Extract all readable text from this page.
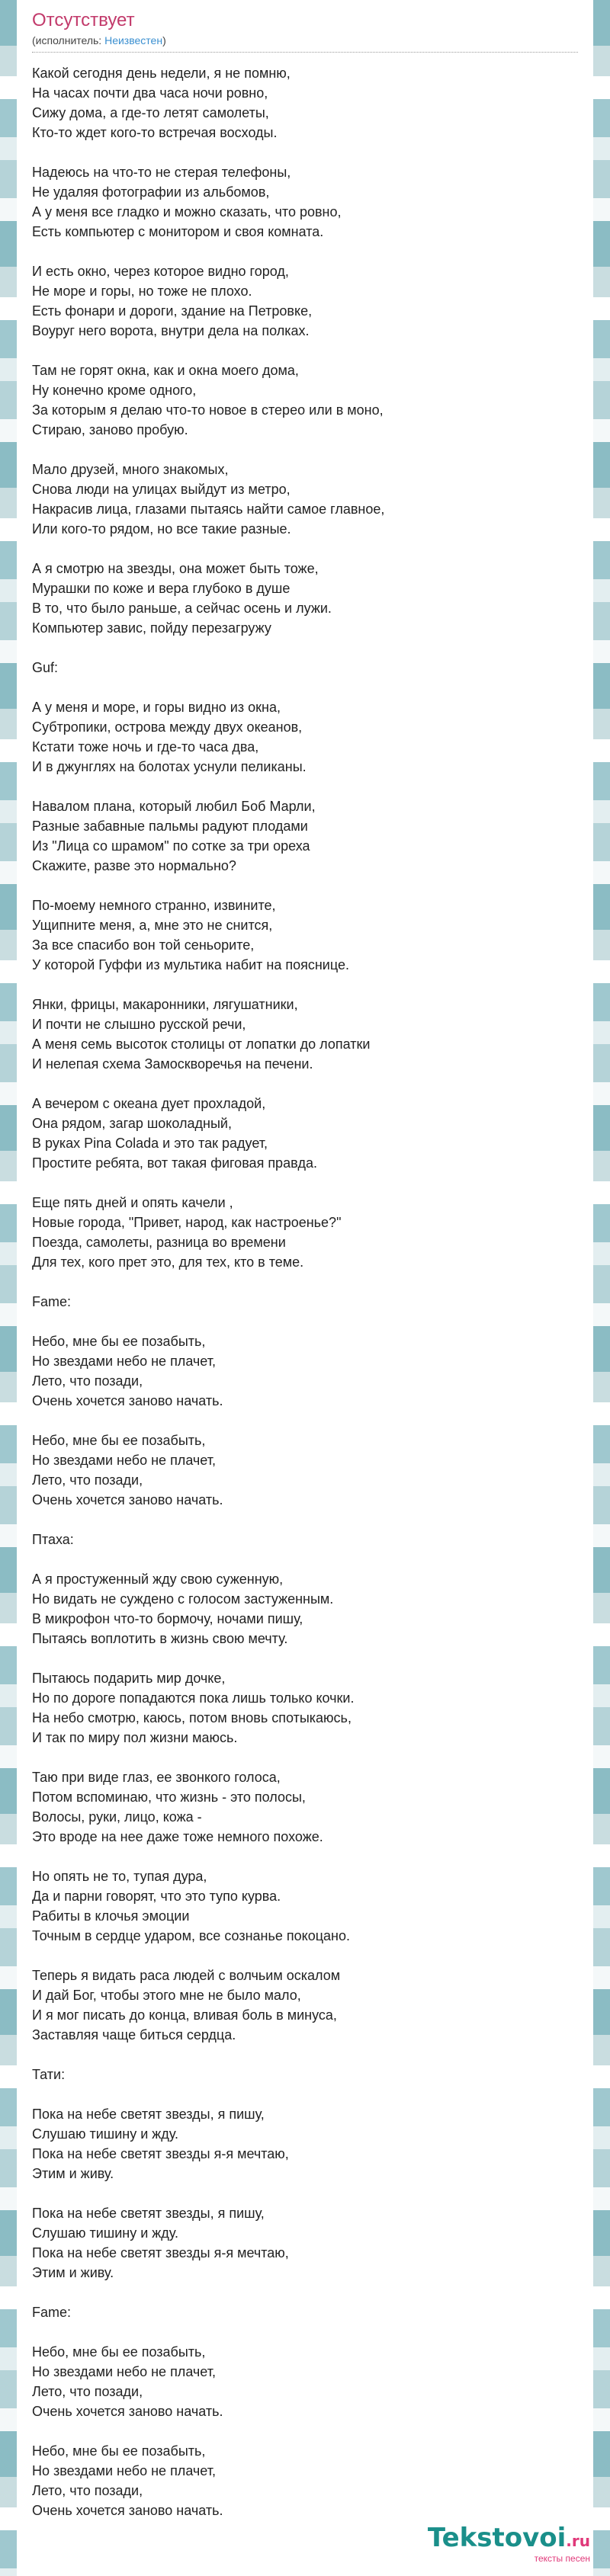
Отсутствует
(исполнитель: Неизвестен)
Какой сегодня день недели, я не помню,
На часах почти два часа ночи ровно,
Сижу дома, а где-то летят самолеты,
Кто-то ждет кого-то встречая восходы.
Надеюсь на что-то не стерая телефоны,
Не удаляя фотографии из альбомов,
А у меня все гладко и можно сказать, что ровно,
Есть компьютер с монитором и своя комната.
И есть окно, через которое видно город,
Не море и горы, но тоже не плохо.
Есть фонари и дороги, здание на Петровке,
Воуруг него ворота, внутри дела на полках.
Там не горят окна, как и окна моего дома,
Ну конечно кроме одного,
За которым я делаю что-то новое в стерео или в моно,
Стираю, заново пробую.
Мало друзей, много знакомых,
Снова люди на улицах выйдут из метро,
Накрасив лица, глазами пытаясь найти самое главное,
Или кого-то рядом, но все такие разные.
А я смотрю на звезды, она может быть тоже,
Мурашки по коже и вера глубоко в душе
В то, что было раньше, а сейчас осень и лужи.
Компьютер завис, пойду перезагружу
Guf:
А у меня и море, и горы видно из окна,
Субтропики, острова между двух океанов,
Кстати тоже ночь и где-то часа два,
И в джунглях на болотах уснули пеликаны.
Навалом плана, который любил Боб Марли,
Разные забавные пальмы радуют плодами
Из "Лица со шрамом" по сотке за три ореха
Скажите, разве это нормально?
По-моему немного странно, извините,
Ущипните меня, а, мне это не снится,
За все спасибо вон той сеньорите,
У которой Гуффи из мультика набит на пояснице.
Янки, фрицы, макаронники, лягушатники,
И почти не слышно русской речи,
А меня семь высоток столицы от лопатки до лопатки
И нелепая схема Замоскворечья на печени.
А вечером с океана дует прохладой,
Она рядом, загар шоколадный,
В руках Pina Colada и это так радует,
Простите ребята, вот такая фиговая правда.
Еще пять дней и опять качели ,
Новые города, "Привет, народ, как настроенье?"
Поезда, самолеты, разница во времени
Для тех, кого прет это, для тех, кто в теме.
Fame:
Небо, мне бы ее позабыть,
Но звездами небо не плачет,
Лето, что позади,
Очень хочется заново начать.
Небо, мне бы ее позабыть,
Но звездами небо не плачет,
Лето, что позади,
Очень хочется заново начать.
Птаха:
А я простуженный жду свою суженную,
Но видать не суждено с голосом застуженным.
В микрофон что-то бормочу, ночами пишу,
Пытаясь воплотить в жизнь свою мечту.
Пытаюсь подарить мир дочке,
Но по дороге попадаются пока лишь только кочки.
На небо смотрю, каюсь, потом вновь спотыкаюсь,
И так по миру пол жизни маюсь.
Таю при виде глаз, ее звонкого голоса,
Потом вспоминаю, что жизнь - это полосы,
Волосы, руки, лицо, кожа -
Это вроде на нее даже тоже немного похоже.
Но опять не то, тупая дура,
Да и парни говорят, что это тупо курва.
Рабиты в клочья эмоции
Точным в сердце ударом, все сознанье покоцано.
Теперь я видать раса людей с волчьим оскалом
И дай Бог, чтобы этого мне не было мало,
И я мог писать до конца, вливая боль в минуса,
Заставляя чаще биться сердца.
Тати:
Пока на небе светят звезды, я пишу,
Слушаю тишину и жду.
Пока на небе светят звезды я-я мечтаю,
Этим и живу.
Пока на небе светят звезды, я пишу,
Слушаю тишину и жду.
Пока на небе светят звезды я-я мечтаю,
Этим и живу.
Fame:
Небо, мне бы ее позабыть,
Но звездами небо не плачет,
Лето, что позади,
Очень хочется заново начать.
Небо, мне бы ее позабыть,
Но звездами небо не плачет,
Лето, что позади,
Очень хочется заново начать.
Tekstovoi.ru
тексты песен
